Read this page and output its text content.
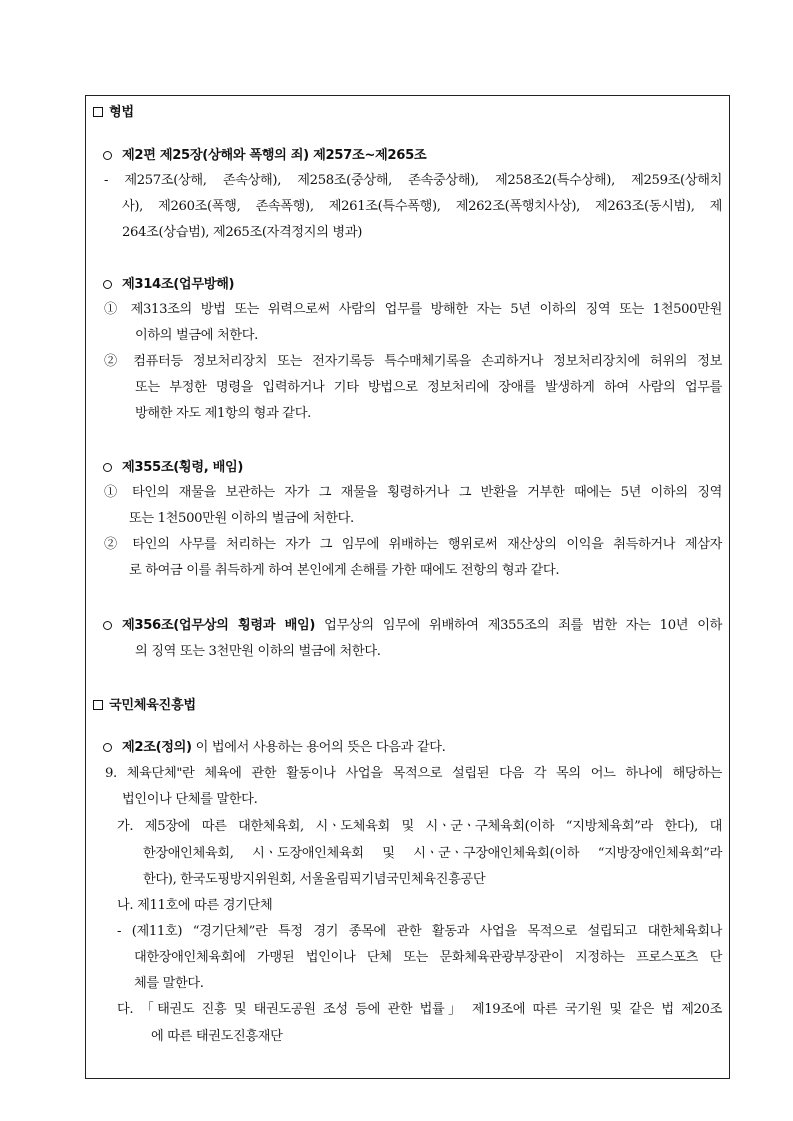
형법
제2편 제25장(상해와 폭행의 죄) 제257조~제265조
- 제257조(상해, 존속상해), 제258조(중상해, 존속중상해), 제258조2(특수상해), 제259조(상해치
사), 제260조(폭행, 존속폭행), 제261조(특수폭행), 제262조(폭행치사상), 제263조(동시범), 제
264조(상습범), 제265조(자격정지의 병과)
제314조(업무방해)
① 제313조의 방법 또는 위력으로써 사람의 업무를 방해한 자는 5년 이하의 징역 또는 1천500만원
이하의 벌금에 처한다.
② 컴퓨터등 정보처리장치 또는 전자기록등 특수매체기록을 손괴하거나 정보처리장치에 허위의 정보
또는 부정한 명령을 입력하거나 기타 방법으로 정보처리에 장애를 발생하게 하여 사람의 업무를
방해한 자도 제1항의 형과 같다.
제355조(횡령, 배임)
① 타인의 재물을 보관하는 자가 그 재물을 횡령하거나 그 반환을 거부한 때에는 5년 이하의 징역
또는 1천500만원 이하의 벌금에 처한다.
② 타인의 사무를 처리하는 자가 그 임무에 위배하는 행위로써 재산상의 이익을 취득하거나 제삼자
로 하여금 이를 취득하게 하여 본인에게 손해를 가한 때에도 전항의 형과 같다.
제356조(업무상의 횡령과 배임) 업무상의 임무에 위배하여 제355조의 죄를 범한 자는 10년 이하
의 징역 또는 3천만원 이하의 벌금에 처한다.
국민체육진흥법
제2조(정의) 이 법에서 사용하는 용어의 뜻은 다음과 같다.
9. 체육단체"란 체육에 관한 활동이나 사업을 목적으로 설립된 다음 각 목의 어느 하나에 해당하는
법인이나 단체를 말한다.
가. 제5장에 따른 대한체육회, 시ㆍ도체육회 및 시ㆍ군ㆍ구체육회(이하 “지방체육회”라 한다), 대
한장애인체육회, 시ㆍ도장애인체육회 및 시ㆍ군ㆍ구장애인체육회(이하 “지방장애인체육회”라
한다), 한국도핑방지위원회, 서울올림픽기념국민체육진흥공단
나. 제11호에 따른 경기단체
- (제11호) “경기단체”란 특정 경기 종목에 관한 활동과 사업을 목적으로 설립되고 대한체육회나
대한장애인체육회에 가맹된 법인이나 단체 또는 문화체육관광부장관이 지정하는 프로스포츠 단
체를 말한다.
다. 「태권도 진흥 및 태권도공원 조성 등에 관한 법률」 제19조에 따른 국기원 및 같은 법 제20조
에 따른 태권도진흥재단
